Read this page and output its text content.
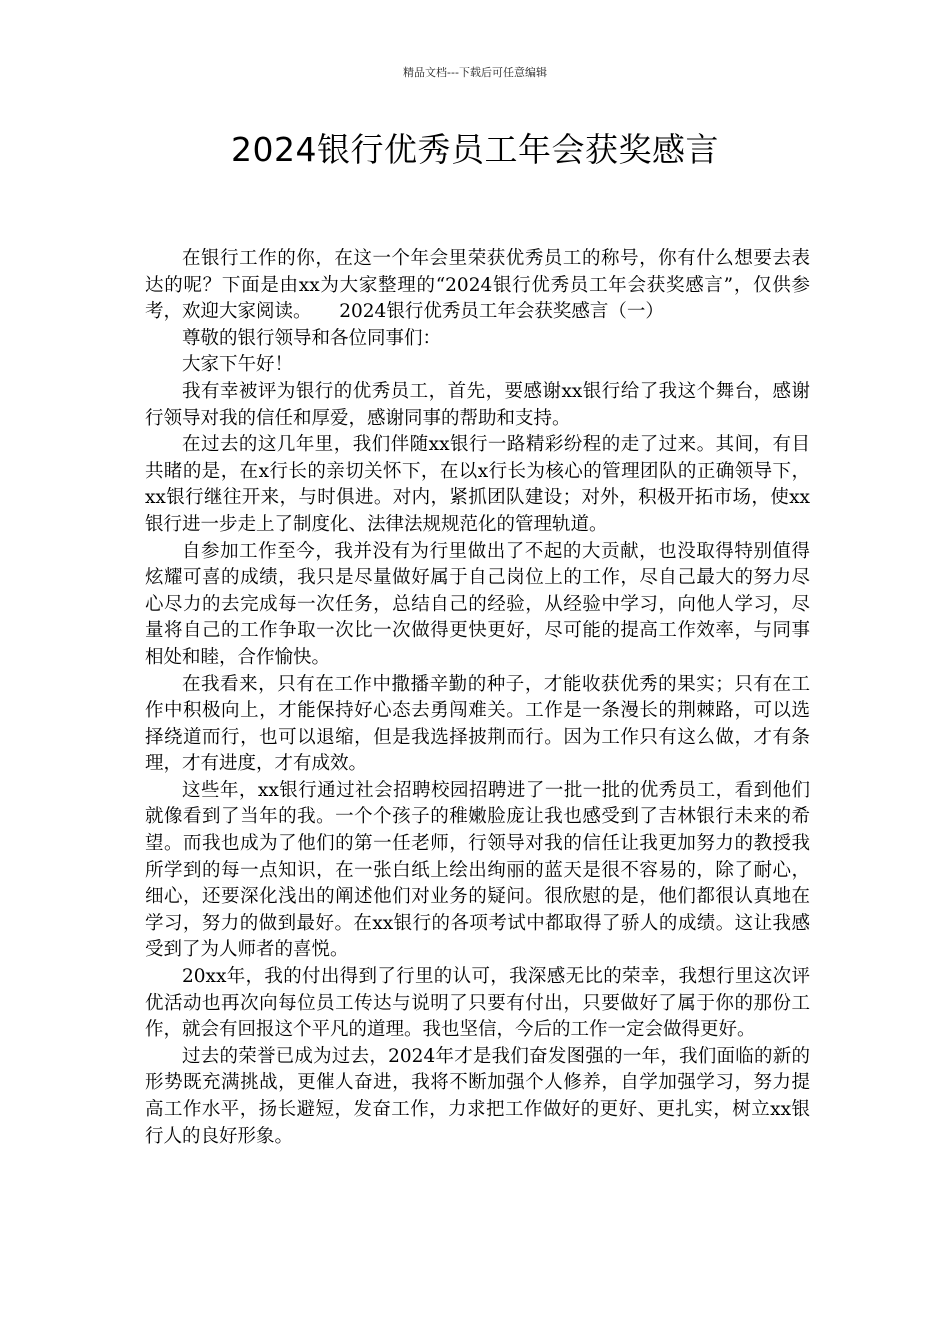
精品文档---下载后可任意编辑
2024银行优秀员工年会获奖感言

在银行工作的你，在这一个年会里荣获优秀员工的称号，你有什么想要去表达的呢？下面是由xx为大家整理的“2024银行优秀员工年会获奖感言”，仅供参考，欢迎大家阅读。　　2024银行优秀员工年会获奖感言（一）

尊敬的银行领导和各位同事们：

大家下午好！

我有幸被评为银行的优秀员工，首先，要感谢xx银行给了我这个舞台，感谢行领导对我的信任和厚爱，感谢同事的帮助和支持。

在过去的这几年里，我们伴随xx银行一路精彩纷程的走了过来。其间，有目共睹的是，在x行长的亲切关怀下，在以x行长为核心的管理团队的正确领导下，xx银行继往开来，与时俱进。对内，紧抓团队建设；对外，积极开拓市场，使xx银行进一步走上了制度化、法律法规规范化的管理轨道。

自参加工作至今，我并没有为行里做出了不起的大贡献，也没取得特别值得炫耀可喜的成绩，我只是尽量做好属于自己岗位上的工作，尽自己最大的努力尽心尽力的去完成每一次任务，总结自己的经验，从经验中学习，向他人学习，尽量将自己的工作争取一次比一次做得更快更好，尽可能的提高工作效率，与同事相处和睦，合作愉快。

在我看来，只有在工作中撒播辛勤的种子，才能收获优秀的果实；只有在工作中积极向上，才能保持好心态去勇闯难关。工作是一条漫长的荆棘路，可以选择绕道而行，也可以退缩，但是我选择披荆而行。因为工作只有这么做，才有条理，才有进度，才有成效。

这些年，xx银行通过社会招聘校园招聘进了一批一批的优秀员工，看到他们就像看到了当年的我。一个个孩子的稚嫩脸庞让我也感受到了吉林银行未来的希望。而我也成为了他们的第一任老师，行领导对我的信任让我更加努力的教授我所学到的每一点知识，在一张白纸上绘出绚丽的蓝天是很不容易的，除了耐心，细心，还要深化浅出的阐述他们对业务的疑问。很欣慰的是，他们都很认真地在学习，努力的做到最好。在xx银行的各项考试中都取得了骄人的成绩。这让我感受到了为人师者的喜悦。

20xx年，我的付出得到了行里的认可，我深感无比的荣幸，我想行里这次评优活动也再次向每位员工传达与说明了只要有付出，只要做好了属于你的那份工作，就会有回报这个平凡的道理。我也坚信，今后的工作一定会做得更好。

过去的荣誉已成为过去，2024年才是我们奋发图强的一年，我们面临的新的形势既充满挑战，更催人奋进，我将不断加强个人修养，自学加强学习，努力提高工作水平，扬长避短，发奋工作，力求把工作做好的更好、更扎实，树立xx银行人的良好形象。
